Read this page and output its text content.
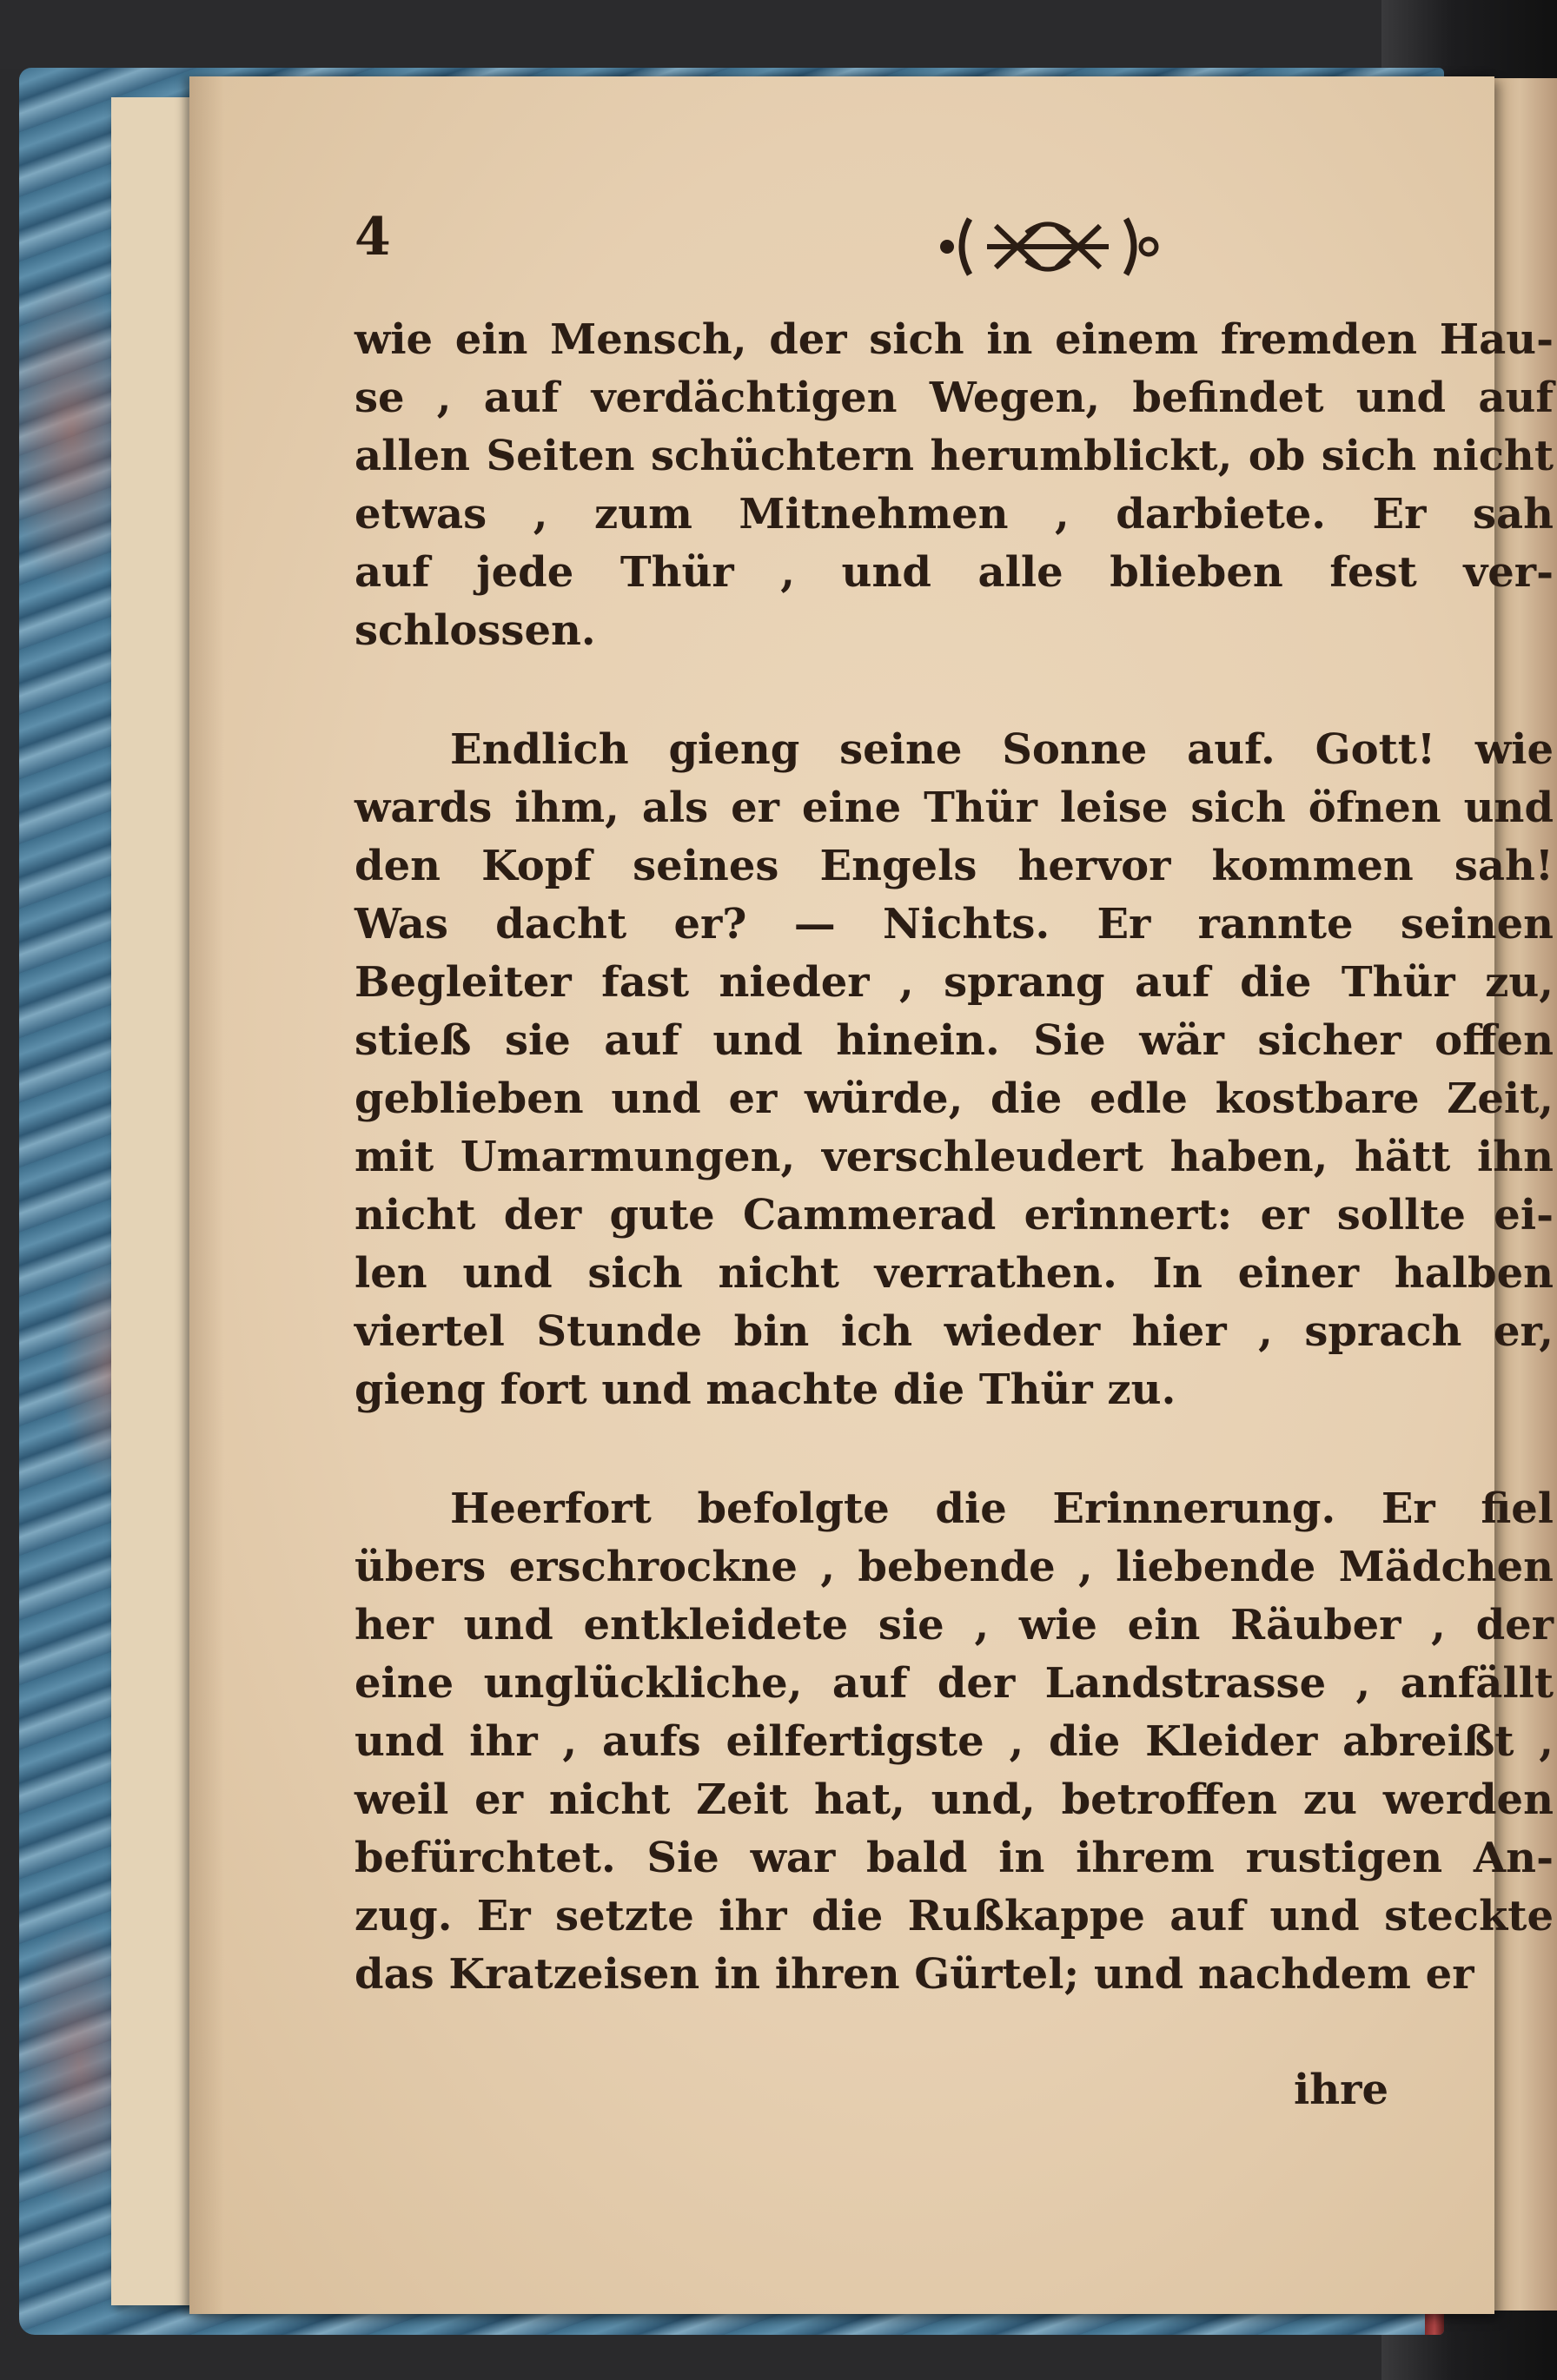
4
wie ein Mensch, der sich in einem fremden Hau-
se , auf verdächtigen Wegen, befindet und auf
allen Seiten schüchtern herumblickt, ob sich nicht
etwas , zum Mitnehmen , darbiete. Er sah
auf jede Thür , und alle blieben fest ver-
schlossen.
Endlich gieng seine Sonne auf. Gott! wie
wards ihm, als er eine Thür leise sich öfnen und
den Kopf seines Engels hervor kommen sah!
Was dacht er? — Nichts. Er rannte seinen
Begleiter fast nieder , sprang auf die Thür zu,
stieß sie auf und hinein. Sie wär sicher offen
geblieben und er würde, die edle kostbare Zeit,
mit Umarmungen, verschleudert haben, hätt ihn
nicht der gute Cammerad erinnert: er sollte ei-
len und sich nicht verrathen. In einer halben
viertel Stunde bin ich wieder hier , sprach er,
gieng fort und machte die Thür zu.
Heerfort befolgte die Erinnerung. Er fiel
übers erschrockne , bebende , liebende Mädchen
her und entkleidete sie , wie ein Räuber , der
eine unglückliche, auf der Landstrasse , anfällt
und ihr , aufs eilfertigste , die Kleider abreißt ,
weil er nicht Zeit hat, und, betroffen zu werden
befürchtet. Sie war bald in ihrem rustigen An-
zug. Er setzte ihr die Rußkappe auf und steckte
das Kratzeisen in ihren Gürtel; und nachdem er
ihre
